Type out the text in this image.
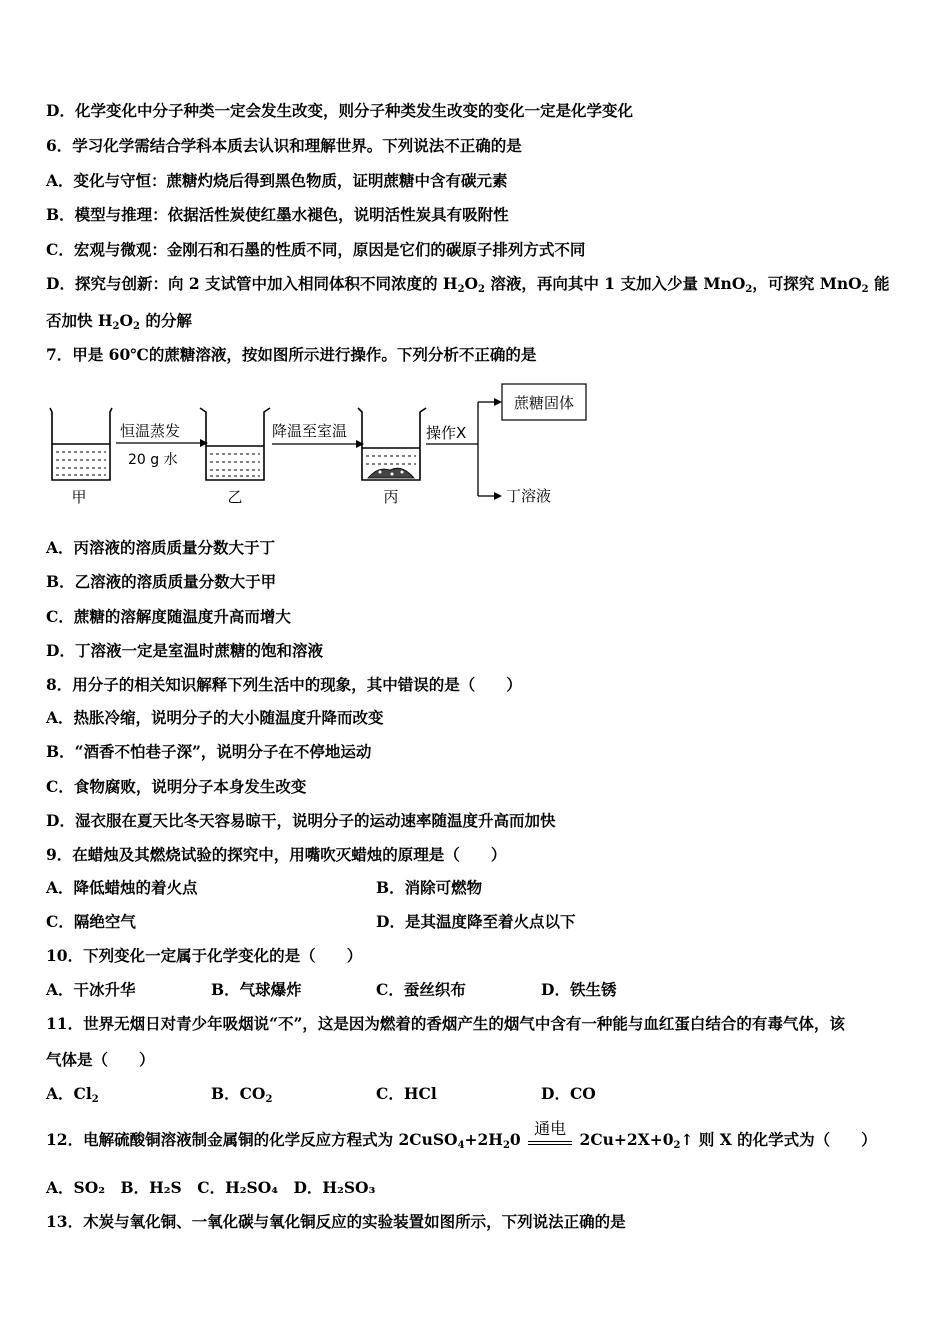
D．化学变化中分子种类一定会发生改变，则分子种类发生改变的变化一定是化学变化
6．学习化学需结合学科本质去认识和理解世界。下列说法不正确的是
A．变化与守恒：蔗糖灼烧后得到黑色物质，证明蔗糖中含有碳元素
B．模型与推理：依据活性炭使红墨水褪色，说明活性炭具有吸附性
C．宏观与微观：金刚石和石墨的性质不同，原因是它们的碳原子排列方式不同
D．探究与创新：向 2 支试管中加入相同体积不同浓度的 $H_2O_2$ 溶液，再向其中 1 支加入少量 MnO$_2$，可探究 MnO$_2$ 能
否加快 $H_2O_2$ 的分解
7．甲是 60℃的蔗糖溶液，按如图所示进行操作。下列分析不正确的是
甲
恒温蒸发
20 g 水
乙
降温至室温
丙
操作X
蔗糖固体
丁溶液
A．丙溶液的溶质质量分数大于丁
B．乙溶液的溶质质量分数大于甲
C．蔗糖的溶解度随温度升高而增大
D．丁溶液一定是室温时蔗糖的饱和溶液
8．用分子的相关知识解释下列生活中的现象，其中错误的是（　　）
A．热胀冷缩，说明分子的大小随温度升降而改变
B．“酒香不怕巷子深”，说明分子在不停地运动
C．食物腐败，说明分子本身发生改变
D．湿衣服在夏天比冬天容易晾干，说明分子的运动速率随温度升高而加快
9．在蜡烛及其燃烧试验的探究中，用嘴吹灭蜡烛的原理是（　　）
A．降低蜡烛的着火点	B．消除可燃物
C．隔绝空气	D．是其温度降至着火点以下
10．下列变化一定属于化学变化的是（　　）
A．干冰升华	B．气球爆炸	C．蚕丝织布	D．铁生锈
11．世界无烟日对青少年吸烟说“不”，这是因为燃着的香烟产生的烟气中含有一种能与血红蛋白结合的有毒气体，该
气体是（　　）
A．$Cl_2$	B．$CO_2$	C．HCl	D．CO
12．电解硫酸铜溶液制金属铜的化学反应方程式为 $2CuSO_4+2H_20$
通电
$2Cu+2X+0_2↑$ 则 X 的化学式为（　　）
A．SO₂　B．H₂S　C．H₂SO₄　D．H₂SO₃
13．木炭与氧化铜、一氧化碳与氧化铜反应的实验装置如图所示，下列说法正确的是
